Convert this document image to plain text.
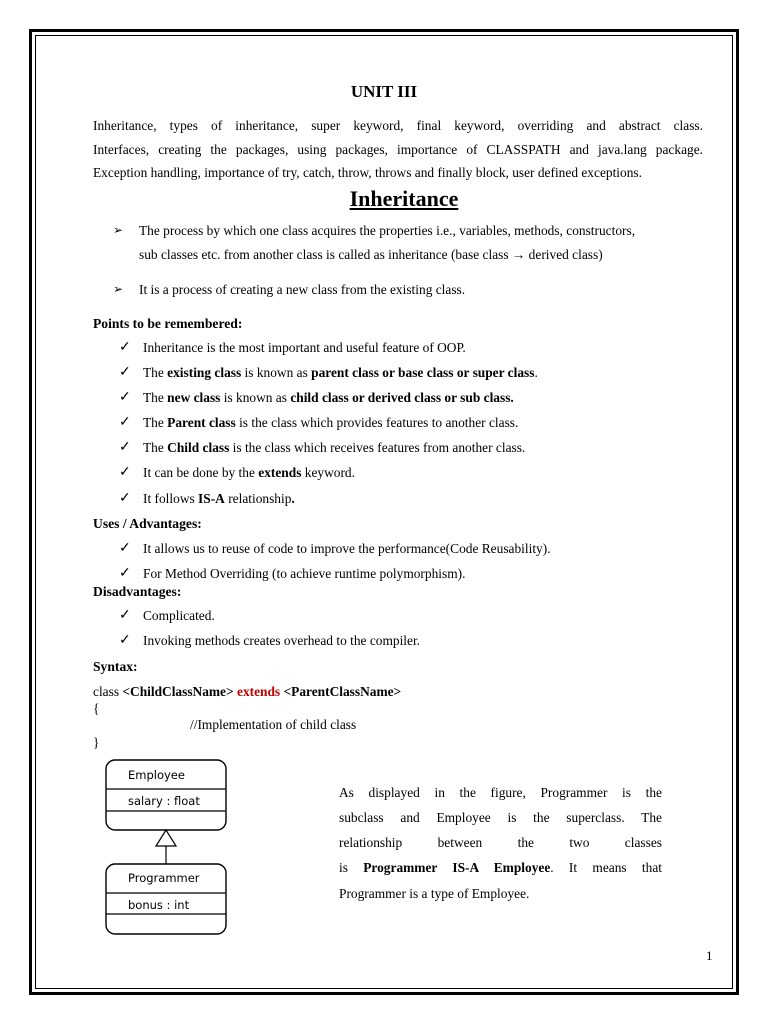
UNIT III
Inheritance, types of inheritance, super keyword, final keyword, overriding and abstract class.
Interfaces, creating the packages, using packages, importance of CLASSPATH and java.lang package.
Exception handling, importance of try, catch, throw, throws and finally block, user defined exceptions.
Inheritance
➢ The process by which one class acquires the properties i.e., variables, methods, constructors,
sub classes etc. from another class is called as inheritance (base class → derived class)
➢ It is a process of creating a new class from the existing class.
Points to be remembered:
✓ Inheritance is the most important and useful feature of OOP.
✓ The existing class is known as parent class or base class or super class.
✓ The new class is known as child class or derived class or sub class.
✓ The Parent class is the class which provides features to another class.
✓ The Child class is the class which receives features from another class.
✓ It can be done by the extends keyword.
✓ It follows IS-A relationship.
Uses / Advantages:
✓ It allows us to reuse of code to improve the performance(Code Reusability).
✓ For Method Overriding (to achieve runtime polymorphism).
Disadvantages:
✓ Complicated.
✓ Invoking methods creates overhead to the compiler.
Syntax:
class <ChildClassName> extends <ParentClassName>
{
//Implementation of child class
}
Employee
salary : float
Programmer
bonus : int
As displayed in the figure, Programmer is the
subclass and Employee is the superclass. The
relationship between the two classes
is Programmer IS-A Employee. It means that
Programmer is a type of Employee.
1
